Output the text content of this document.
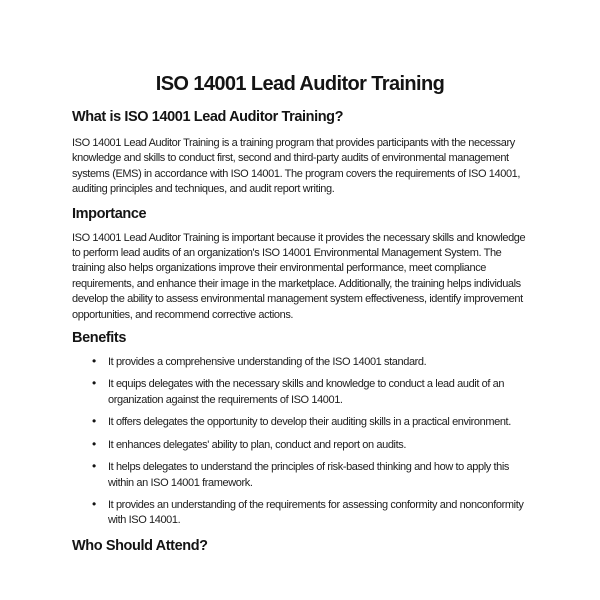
ISO 14001 Lead Auditor Training
What is ISO 14001 Lead Auditor Training?

ISO 14001 Lead Auditor Training is a training program that provides participants with the necessary knowledge and skills to conduct first, second and third-party audits of environmental management systems (EMS) in accordance with ISO 14001. The program covers the requirements of ISO 14001, auditing principles and techniques, and audit report writing.

Importance

ISO 14001 Lead Auditor Training is important because it provides the necessary skills and knowledge to perform lead audits of an organization's ISO 14001 Environmental Management System. The training also helps organizations improve their environmental performance, meet compliance requirements, and enhance their image in the marketplace. Additionally, the training helps individuals develop the ability to assess environmental management system effectiveness, identify improvement opportunities, and recommend corrective actions.

Benefits
• It provides a comprehensive understanding of the ISO 14001 standard.
• It equips delegates with the necessary skills and knowledge to conduct a lead audit of an organization against the requirements of ISO 14001.
• It offers delegates the opportunity to develop their auditing skills in a practical environment.
• It enhances delegates' ability to plan, conduct and report on audits.
• It helps delegates to understand the principles of risk-based thinking and how to apply this within an ISO 14001 framework.
• It provides an understanding of the requirements for assessing conformity and nonconformity with ISO 14001.
Who Should Attend?
